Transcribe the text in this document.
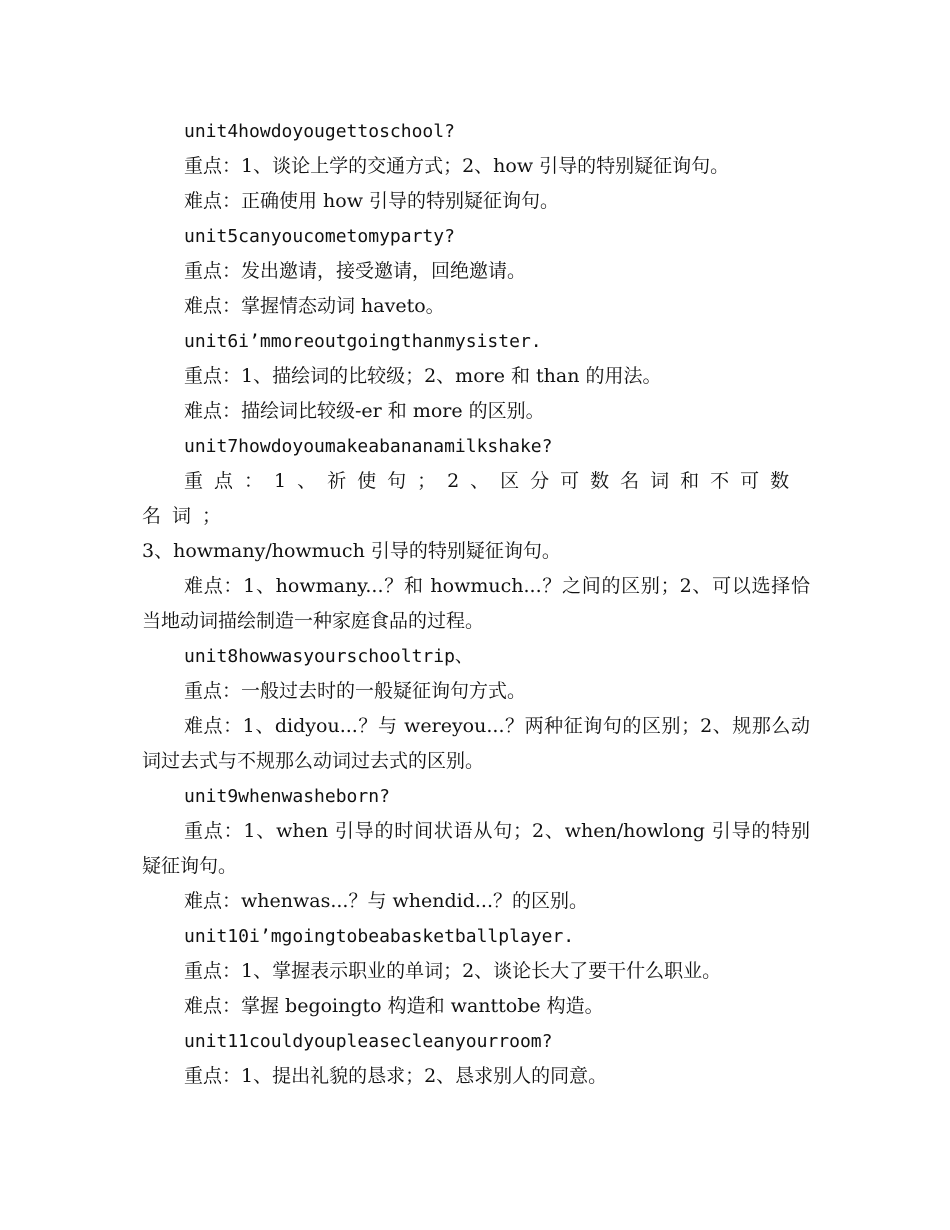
unit4howdoyougettoschool?
重点：1、谈论上学的交通方式；2、how 引导的特别疑征询句。
难点：正确使用 how 引导的特别疑征询句。
unit5canyoucometomyparty?
重点：发出邀请，接受邀请，回绝邀请。
难点：掌握情态动词 haveto。
unit6i’mmoreoutgoingthanmysister.
重点：1、描绘词的比较级；2、more 和 than 的用法。
难点：描绘词比较级-er 和 more 的区别。
unit7howdoyoumakeabananamilkshake?
重点：1、祈使句；2、区分可数名词和不可数名词；
3、howmany/howmuch 引导的特别疑征询句。
难点：1、howmany...？和 howmuch...？之间的区别；2、可以选择恰当地动词描绘制造一种家庭食品的过程。
unit8howwasyourschooltrip、
重点：一般过去时的一般疑征询句方式。
难点：1、didyou...？与 wereyou...？两种征询句的区别；2、规那么动词过去式与不规那么动词过去式的区别。
unit9whenwasheborn?
重点：1、when 引导的时间状语从句；2、when/howlong 引导的特别疑征询句。
难点：whenwas...？与 whendid...？的区别。
unit10i’mgoingtobeabasketballplayer.
重点：1、掌握表示职业的单词；2、谈论长大了要干什么职业。
难点：掌握 begoingto 构造和 wanttobe 构造。
unit11couldyoupleasecleanyourroom?
重点：1、提出礼貌的恳求；2、恳求别人的同意。
